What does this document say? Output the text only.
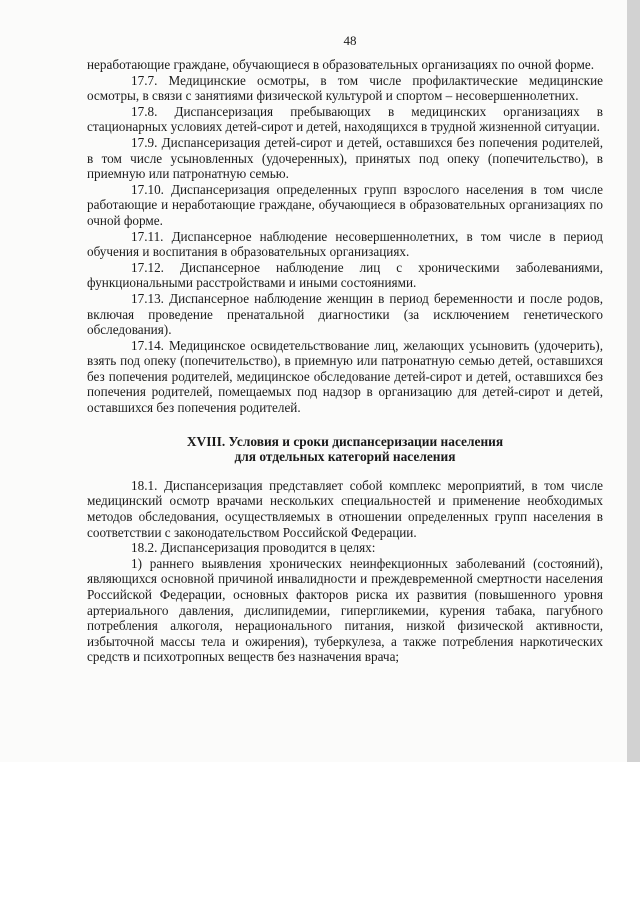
48

неработающие граждане, обучающиеся в образовательных организациях по очной форме.

17.7. Медицинские осмотры, в том числе профилактические медицинские осмотры, в связи с занятиями физической культурой и спортом – несовершеннолетних.

17.8. Диспансеризация пребывающих в медицинских организациях в стационарных условиях детей-сирот и детей, находящихся в трудной жизненной ситуации.

17.9. Диспансеризация детей-сирот и детей, оставшихся без попечения родителей, в том числе усыновленных (удочеренных), принятых под опеку (попечительство), в приемную или патронатную семью.

17.10. Диспансеризация определенных групп взрослого населения в том числе работающие и неработающие граждане, обучающиеся в образовательных организациях по очной форме.

17.11. Диспансерное наблюдение несовершеннолетних, в том числе в период обучения и воспитания в образовательных организациях.

17.12. Диспансерное наблюдение лиц с хроническими заболеваниями, функциональными расстройствами и иными состояниями.

17.13. Диспансерное наблюдение женщин в период беременности и после родов, включая проведение пренатальной диагностики (за исключением генетического обследования).

17.14. Медицинское освидетельствование лиц, желающих усыновить (удочерить), взять под опеку (попечительство), в приемную или патронатную семью детей, оставшихся без попечения родителей, медицинское обследование детей-сирот и детей, оставшихся без попечения родителей, помещаемых под надзор в организацию для детей-сирот и детей, оставшихся без попечения родителей.

XVIII. Условия и сроки диспансеризации населения
для отдельных категорий населения

18.1. Диспансеризация представляет собой комплекс мероприятий, в том числе медицинский осмотр врачами нескольких специальностей и применение необходимых методов обследования, осуществляемых в отношении определенных групп населения в соответствии с законодательством Российской Федерации.

18.2. Диспансеризация проводится в целях:

1) раннего выявления хронических неинфекционных заболеваний (состояний), являющихся основной причиной инвалидности и преждевременной смертности населения Российской Федерации, основных факторов риска их развития (повышенного уровня артериального давления, дислипидемии, гипергликемии, курения табака, пагубного потребления алкоголя, нерационального питания, низкой физической активности, избыточной массы тела и ожирения), туберкулеза, а также потребления наркотических средств и психотропных веществ без назначения врача;
